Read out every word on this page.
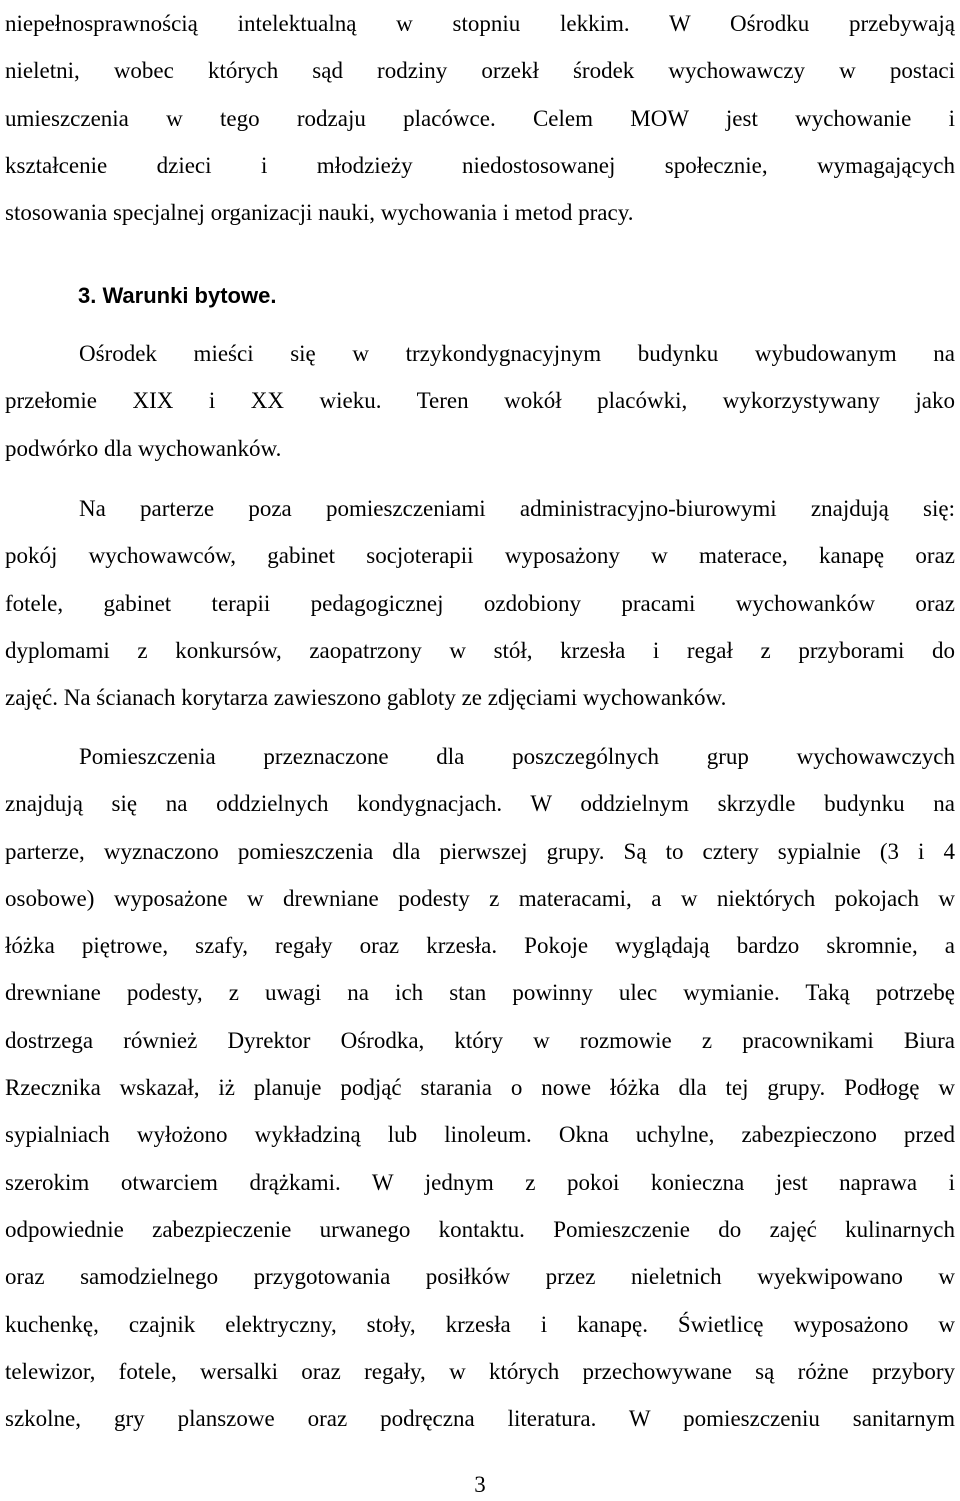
niepełnosprawnością intelektualną w stopniu lekkim. W Ośrodku przebywają
nieletni, wobec których sąd rodziny orzekł środek wychowawczy w postaci
umieszczenia w tego rodzaju placówce. Celem MOW jest wychowanie i
kształcenie dzieci i młodzieży niedostosowanej społecznie, wymagających
stosowania specjalnej organizacji nauki, wychowania i metod pracy.
3. Warunki bytowe.
Ośrodek mieści się w trzykondygnacyjnym budynku wybudowanym na
przełomie XIX i XX wieku. Teren wokół placówki, wykorzystywany jako
podwórko dla wychowanków.
Na parterze poza pomieszczeniami administracyjno-biurowymi znajdują się:
pokój wychowawców, gabinet socjoterapii wyposażony w materace, kanapę oraz
fotele, gabinet terapii pedagogicznej ozdobiony pracami wychowanków oraz
dyplomami z konkursów, zaopatrzony w stół, krzesła i regał z przyborami do
zajęć. Na ścianach korytarza zawieszono gabloty ze zdjęciami wychowanków.
Pomieszczenia przeznaczone dla poszczególnych grup wychowawczych
znajdują się na oddzielnych kondygnacjach. W oddzielnym skrzydle budynku na
parterze, wyznaczono pomieszczenia dla pierwszej grupy. Są to cztery sypialnie (3 i 4
osobowe) wyposażone w drewniane podesty z materacami, a w niektórych pokojach w
łóżka piętrowe, szafy, regały oraz krzesła. Pokoje wyglądają bardzo skromnie, a
drewniane podesty, z uwagi na ich stan powinny ulec wymianie. Taką potrzebę
dostrzega również Dyrektor Ośrodka, który w rozmowie z pracownikami Biura
Rzecznika wskazał, iż planuje podjąć starania o nowe łóżka dla tej grupy. Podłogę w
sypialniach wyłożono wykładziną lub linoleum. Okna uchylne, zabezpieczono przed
szerokim otwarciem drążkami. W jednym z pokoi konieczna jest naprawa i
odpowiednie zabezpieczenie urwanego kontaktu. Pomieszczenie do zajęć kulinarnych
oraz samodzielnego przygotowania posiłków przez nieletnich wyekwipowano w
kuchenkę, czajnik elektryczny, stoły, krzesła i kanapę. Świetlicę wyposażono w
telewizor, fotele, wersalki oraz regały, w których przechowywane są różne przybory
szkolne, gry planszowe oraz podręczna literatura. W pomieszczeniu sanitarnym
3
